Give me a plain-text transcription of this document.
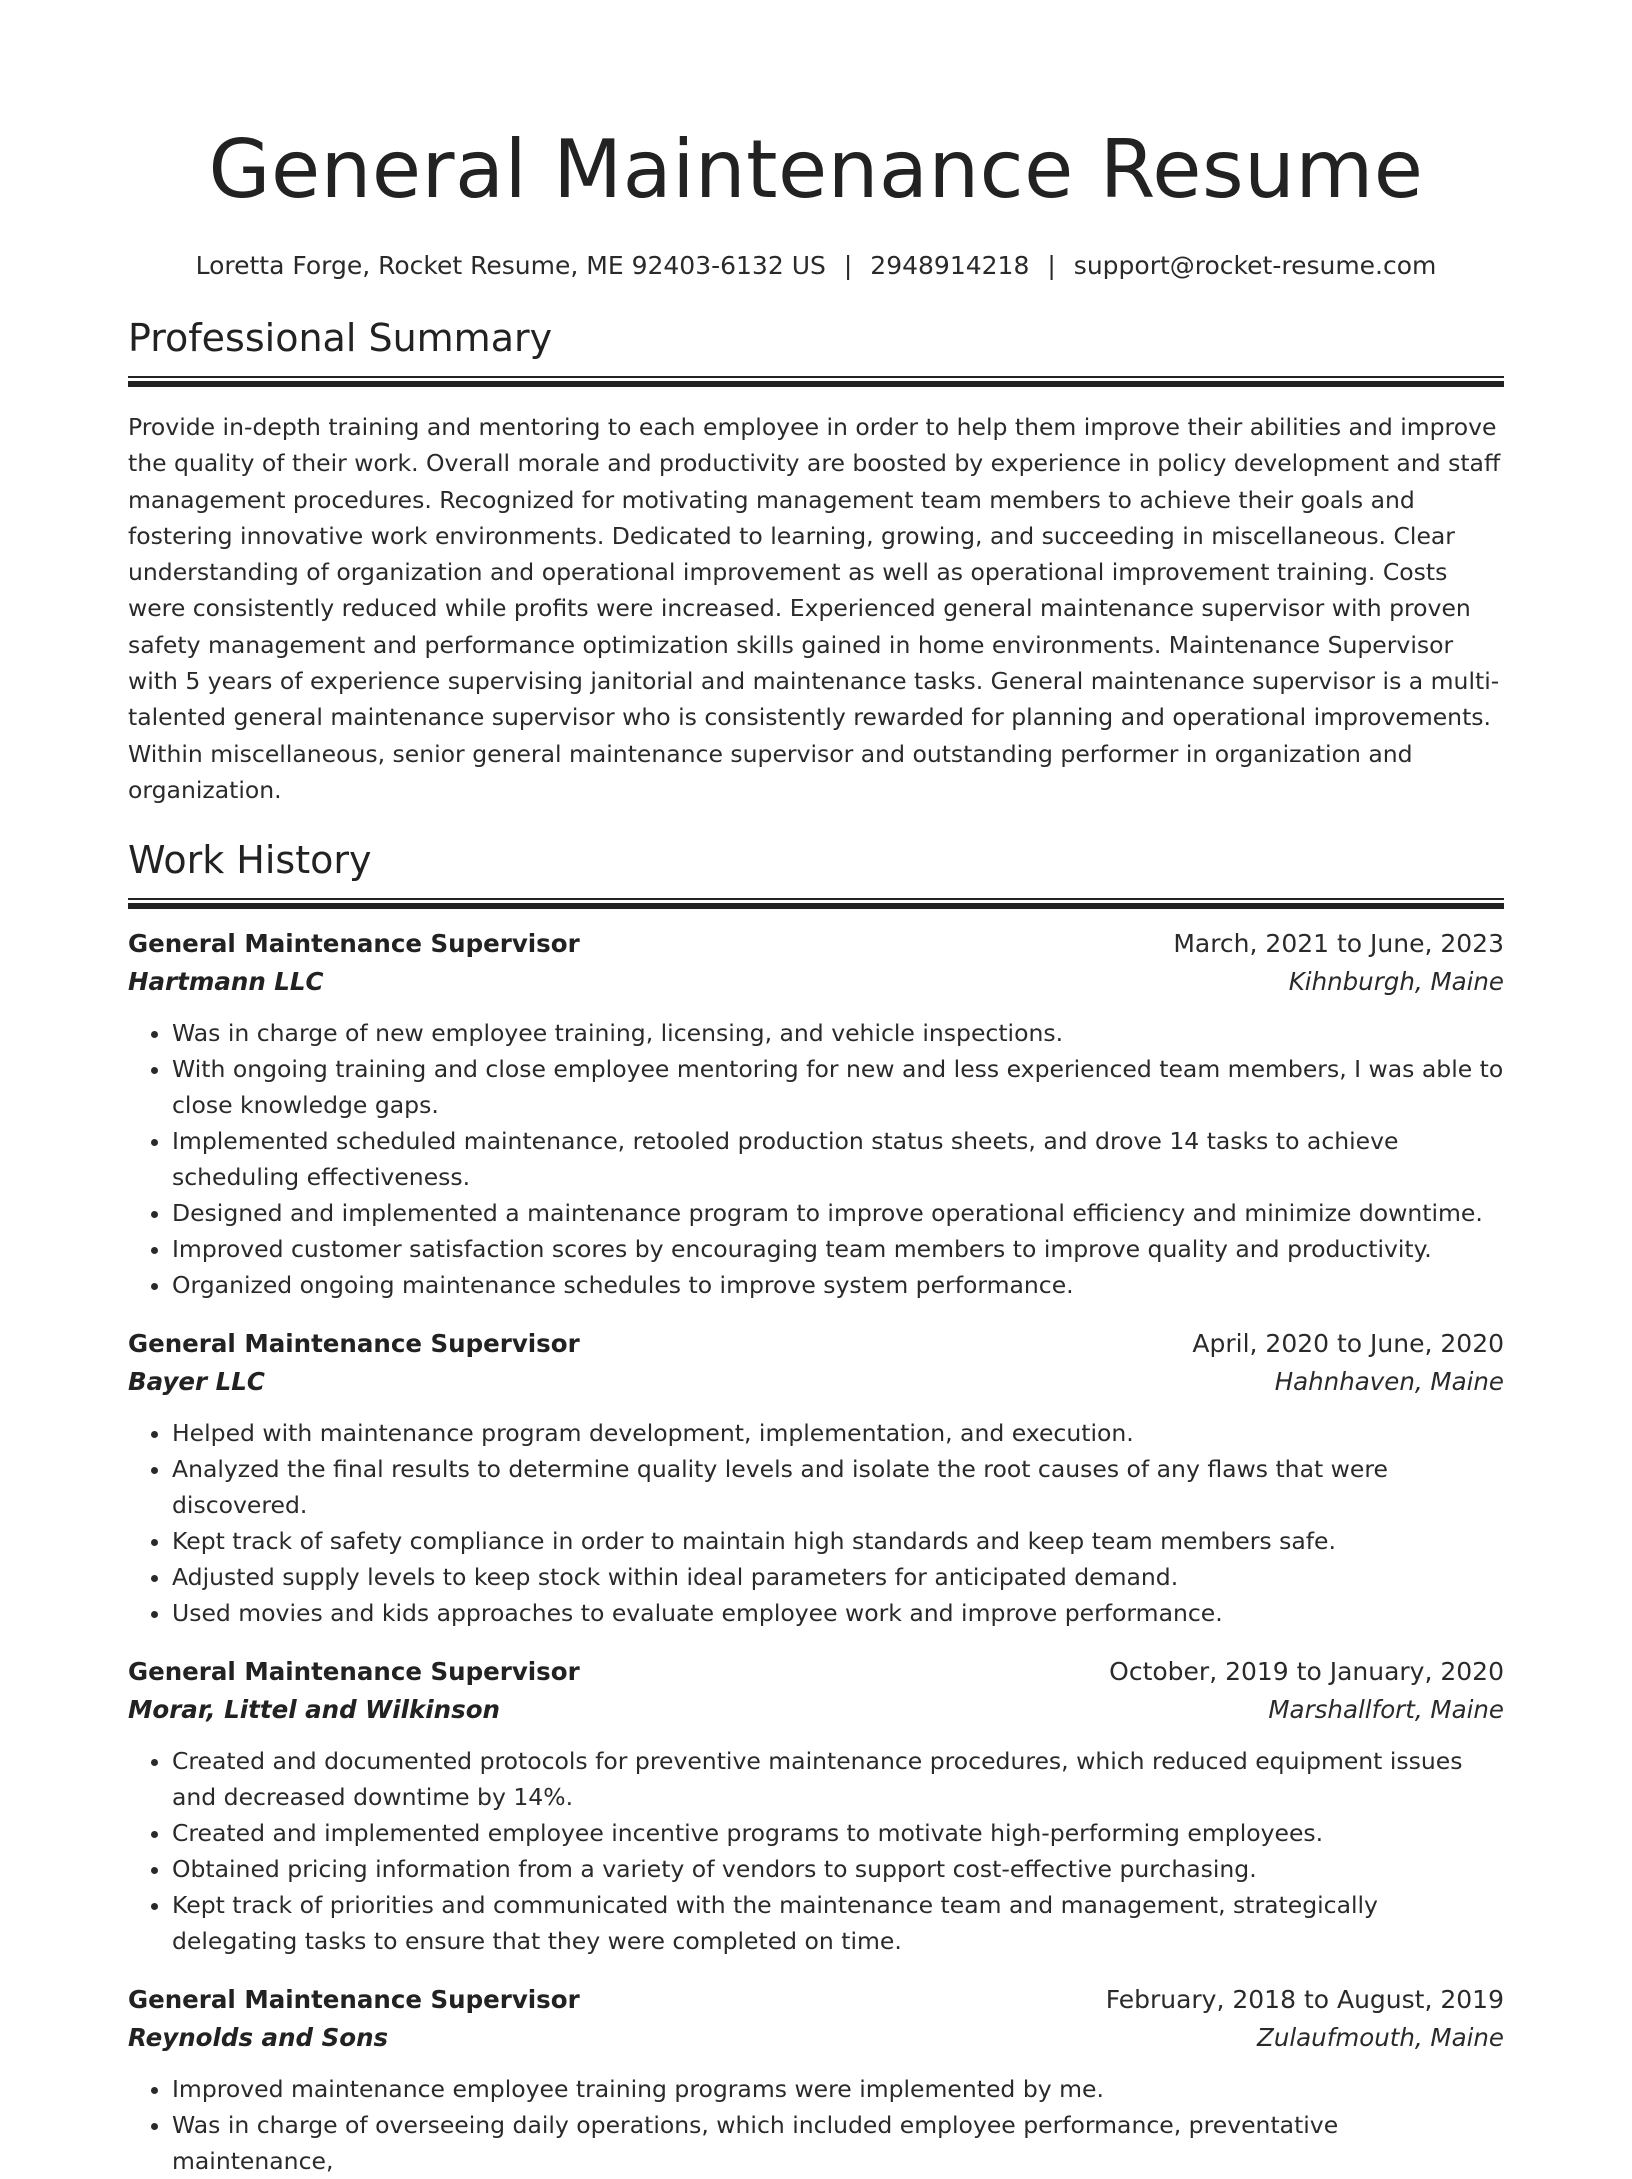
General Maintenance Resume
Loretta Forge, Rocket Resume, ME 92403-6132 US | 2948914218 | support@rocket-resume.com
Professional Summary

Provide in-depth training and mentoring to each employee in order to help them improve their abilities and improve the quality of their work. Overall morale and productivity are boosted by experience in policy development and staff management procedures. Recognized for motivating management team members to achieve their goals and fostering innovative work environments. Dedicated to learning, growing, and succeeding in miscellaneous. Clear understanding of organization and operational improvement as well as operational improvement training. Costs were consistently reduced while profits were increased. Experienced general maintenance supervisor with proven safety management and performance optimization skills gained in home environments. Maintenance Supervisor with 5 years of experience supervising janitorial and maintenance tasks. General maintenance supervisor is a multi-talented general maintenance supervisor who is consistently rewarded for planning and operational improvements. Within miscellaneous, senior general maintenance supervisor and outstanding performer in organization and organization.

Work History
General Maintenance Supervisor	March, 2021 to June, 2023
Hartmann LLC	Kihnburgh, Maine
• Was in charge of new employee training, licensing, and vehicle inspections.
• With ongoing training and close employee mentoring for new and less experienced team members, I was able to close knowledge gaps.
• Implemented scheduled maintenance, retooled production status sheets, and drove 14 tasks to achieve scheduling effectiveness.
• Designed and implemented a maintenance program to improve operational efficiency and minimize downtime.
• Improved customer satisfaction scores by encouraging team members to improve quality and productivity.
• Organized ongoing maintenance schedules to improve system performance.
General Maintenance Supervisor	April, 2020 to June, 2020
Bayer LLC	Hahnhaven, Maine
• Helped with maintenance program development, implementation, and execution.
• Analyzed the final results to determine quality levels and isolate the root causes of any flaws that were discovered.
• Kept track of safety compliance in order to maintain high standards and keep team members safe.
• Adjusted supply levels to keep stock within ideal parameters for anticipated demand.
• Used movies and kids approaches to evaluate employee work and improve performance.
General Maintenance Supervisor	October, 2019 to January, 2020
Morar, Littel and Wilkinson	Marshallfort, Maine
• Created and documented protocols for preventive maintenance procedures, which reduced equipment issues and decreased downtime by 14%.
• Created and implemented employee incentive programs to motivate high-performing employees.
• Obtained pricing information from a variety of vendors to support cost-effective purchasing.
• Kept track of priorities and communicated with the maintenance team and management, strategically delegating tasks to ensure that they were completed on time.
General Maintenance Supervisor	February, 2018 to August, 2019
Reynolds and Sons	Zulaufmouth, Maine
• Improved maintenance employee training programs were implemented by me.
• Was in charge of overseeing daily operations, which included employee performance, preventative maintenance,
